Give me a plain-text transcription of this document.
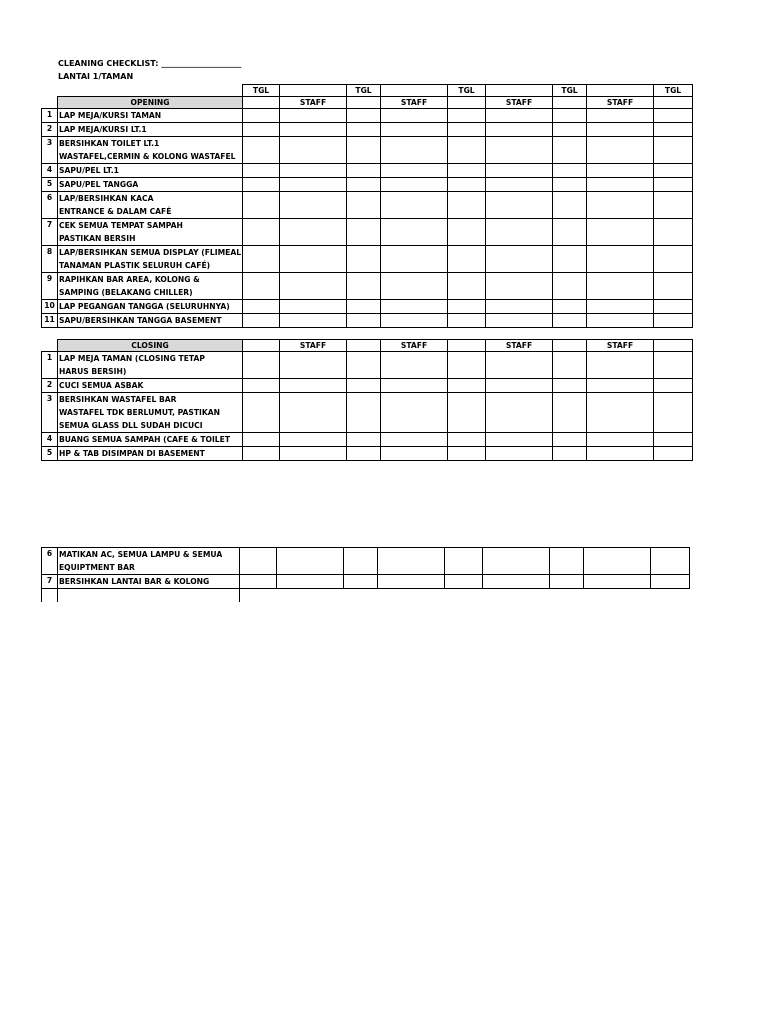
CLEANING CHECKLIST: ____________________
LANTAI 1/TAMAN
		TGL		TGL		TGL		TGL		TGL
	OPENING		STAFF		STAFF		STAFF		STAFF	
1	LAP MEJA/KURSI TAMAN									

2	LAP MEJA/KURSI LT.1									

3	BERSIHKAN TOILET LT.1
WASTAFEL,CERMIN & KOLONG WASTAFEL									

4	SAPU/PEL LT.1									

5	SAPU/PEL TANGGA									

6	LAP/BERSIHKAN KACA
ENTRANCE & DALAM CAFÉ									

7	CEK SEMUA TEMPAT SAMPAH
PASTIKAN BERSIH									

8	LAP/BERSIHKAN SEMUA DISPLAY (FLIMEAL
TANAMAN PLASTIK SELURUH CAFÉ)									

9	RAPIHKAN BAR AREA, KOLONG &
SAMPING (BELAKANG CHILLER)									

10	LAP PEGANGAN TANGGA (SELURUHNYA)									

11	SAPU/BERSIHKAN TANGGA BASEMENT									

	CLOSING		STAFF		STAFF		STAFF		STAFF	
1	LAP MEJA TAMAN (CLOSING TETAP
HARUS BERSIH)									

2	CUCI SEMUA ASBAK									

3	BERSIHKAN WASTAFEL BAR
WASTAFEL TDK BERLUMUT, PASTIKAN
SEMUA GLASS DLL SUDAH DICUCI									

4	BUANG SEMUA SAMPAH (CAFE & TOILET									

5	HP & TAB DISIMPAN DI BASEMENT									

6	MATIKAN AC, SEMUA LAMPU & SEMUA
EQUIPTMENT BAR									

7	BERSIHKAN LANTAI BAR & KOLONG									
